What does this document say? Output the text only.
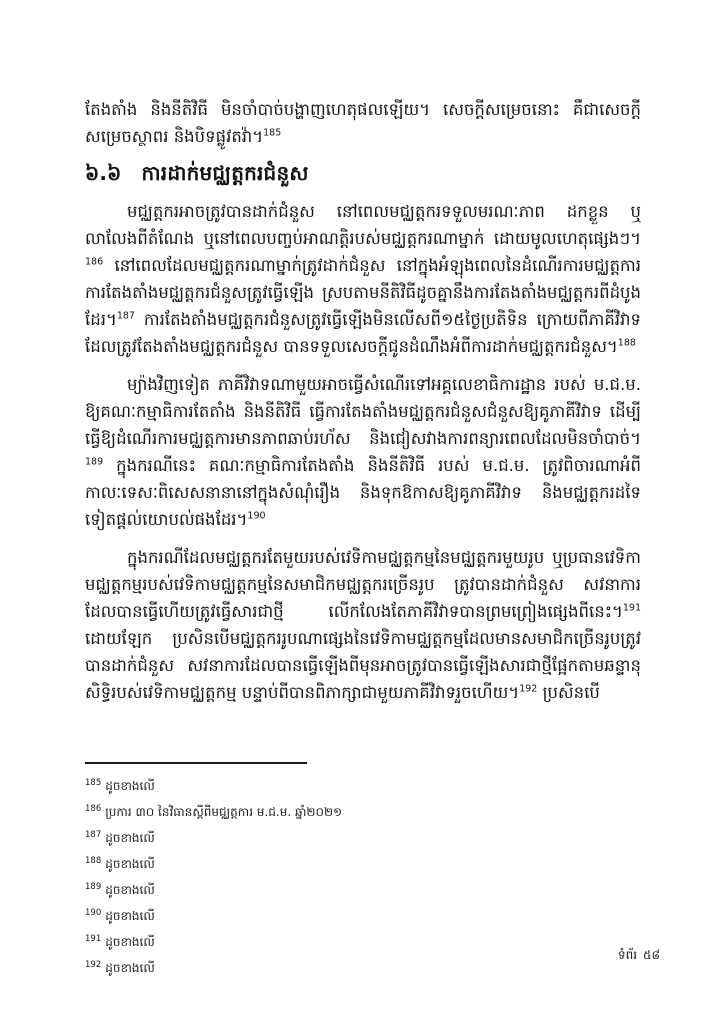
តែងតាំង និងនីតិវិធី មិនចាំបាច់បង្ហាញហេតុផលឡើយ។ សេចក្តីសម្រេចនោះ គឺជាសេចក្តីសម្រេចស្ថាពរ និងបិទផ្លូវតវ៉ា។$^{185}$

៦.៦ ការដាក់មជ្ឈត្តករជំនួស

មជ្ឈត្តករអាចត្រូវបានដាក់ជំនួស នៅពេលមជ្ឈត្តករទទួលមរណៈភាព ដកខ្លួន ឬលាលែងពីតំណែង ឬនៅពេលបញ្ចប់អាណត្តិរបស់មជ្ឈត្តករណាម្នាក់ ដោយមូលហេតុផ្សេងៗ។$^{186}$ នៅពេលដែលមជ្ឈត្តករណាម្នាក់ត្រូវដាក់ជំនួស នៅក្នុងអំឡុងពេលនៃដំណើរការមជ្ឈត្តការ ការតែងតាំងមជ្ឈត្តករជំនួសត្រូវធ្វើឡើង ស្របតាមនីតិវិធីដូចគ្នានឹងការតែងតាំងមជ្ឈត្តករពីដំបូងដែរ។$^{187}$ ការតែងតាំងមជ្ឈត្តករជំនួសត្រូវធ្វើឡើងមិនលើសពី១៥ថ្ងៃប្រតិទិន ក្រោយពីភាគីវិវាទដែលត្រូវតែងតាំងមជ្ឈត្តករជំនួស បានទទួលសេចក្តីជូនដំណឹងអំពីការដាក់មជ្ឈត្តករជំនួស។$^{188}$

ម្យ៉ាងវិញទៀត ភាគីវិវាទណាមួយអាចធ្វើសំណើរទៅអគ្គលេខាធិការដ្ឋាន របស់ ម.ជ.ម. ឱ្យគណៈកម្មាធិការតែតាំង និងនីតិវិធី ធ្វើការតែងតាំងមជ្ឈត្តករជំនួសជំនួសឱ្យគូភាគីវិវាទ ដើម្បីធ្វើឱ្យដំណើរការមជ្ឈត្តការមានភាពឆាប់រហ័ស និងជៀសវាងការពន្យារពេលដែលមិនចាំបាច់។$^{189}$ ក្នុងករណីនេះ គណៈកម្មាធិការតែងតាំង និងនីតិវិធី របស់ ម.ជ.ម. ត្រូវពិចារណាអំពីកាលៈទេសៈពិសេសនានានៅក្នុងសំណុំរឿង និងទុកឱកាសឱ្យគូភាគីវិវាទ និងមជ្ឈត្តករដទៃទៀតផ្តល់យោបល់ផងដែរ។$^{190}$

ក្នុងករណីដែលមជ្ឈត្តករតែមួយរបស់វេទិកាមជ្ឈត្តកម្មនៃមជ្ឈត្តករមួយរូប ឬប្រធានវេទិកាមជ្ឈត្តកម្មរបស់វេទិកាមជ្ឈត្តកម្មនៃសមាជិកមជ្ឈត្តករច្រើនរូប ត្រូវបានដាក់ជំនួស សវនាការដែលបានធ្វើហើយត្រូវធ្វើសារជាថ្មី លើកលែងតែភាគីវិវាទបានព្រមព្រៀងផ្សេងពីនេះ។$^{191}$ ដោយឡែក ប្រសិនបើមជ្ឈត្តកររូបណាផ្សេងនៃវេទិកាមជ្ឈត្តកម្មដែលមានសមាជិកច្រើនរូបត្រូវបានដាក់ជំនួស សវនាការដែលបានធ្វើឡើងពីមុនអាចត្រូវបានធ្វើឡើងសារជាថ្មីផ្អែកតាមឆន្ទានុសិទ្ធិរបស់វេទិកាមជ្ឈត្តកម្ម បន្ទាប់ពីបានពិភាក្សាជាមួយភាគីវិវាទរួចហើយ។$^{192}$ ប្រសិនបើ

$^{185}$ ដូចខាងលើ
$^{186}$ ប្រការ ៣០ នៃវិធានស្តីពីមជ្ឈត្តការ ម.ជ.ម. ឆ្នាំ២០២១
$^{187}$ ដូចខាងលើ
$^{188}$ ដូចខាងលើ
$^{189}$ ដូចខាងលើ
$^{190}$ ដូចខាងលើ
$^{191}$ ដូចខាងលើ
$^{192}$ ដូចខាងលើ
ទំព័រ ៥៨
